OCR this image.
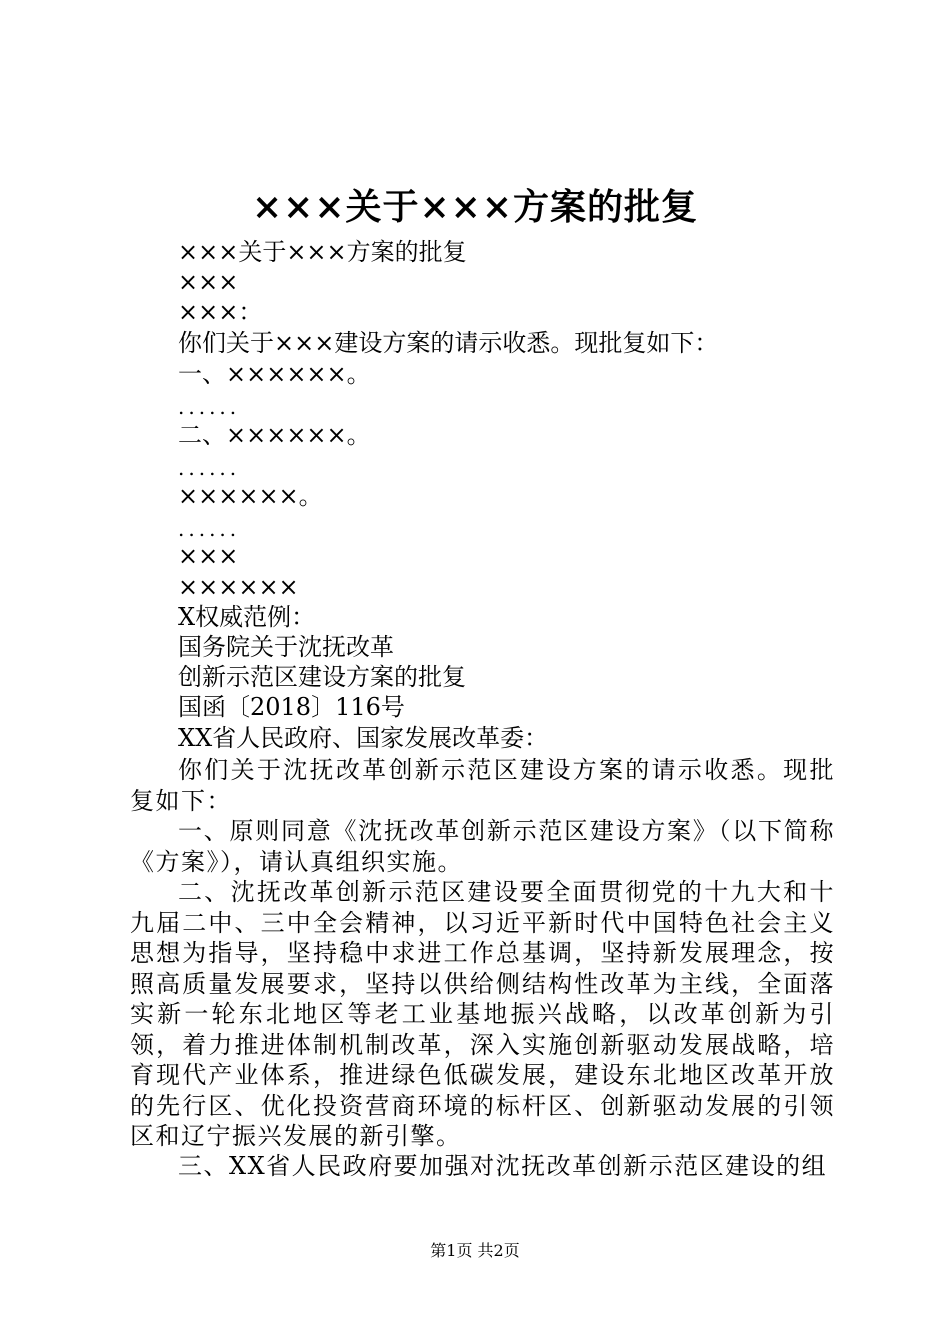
×××关于×××方案的批复
×××关于×××方案的批复
×××
×××：
你们关于×××建设方案的请示收悉。现批复如下：
一、××××××。
......
二、××××××。
......
××××××。
......
×××
××××××
X权威范例：
国务院关于沈抚改革
创新示范区建设方案的批复
国函〔2018〕116号
XX省人民政府、国家发展改革委：
你们关于沈抚改革创新示范区建设方案的请示收悉。现批复如下：
一、原则同意《沈抚改革创新示范区建设方案》（以下简称《方案》），请认真组织实施。
二、沈抚改革创新示范区建设要全面贯彻党的十九大和十九届二中、三中全会精神，以习近平新时代中国特色社会主义思想为指导，坚持稳中求进工作总基调，坚持新发展理念，按照高质量发展要求，坚持以供给侧结构性改革为主线，全面落实新一轮东北地区等老工业基地振兴战略，以改革创新为引领，着力推进体制机制改革，深入实施创新驱动发展战略，培育现代产业体系，推进绿色低碳发展，建设东北地区改革开放的先行区、优化投资营商环境的标杆区、创新驱动发展的引领区和辽宁振兴发展的新引擎。
三、XX省人民政府要加强对沈抚改革创新示范区建设的组
第1页 共2页
